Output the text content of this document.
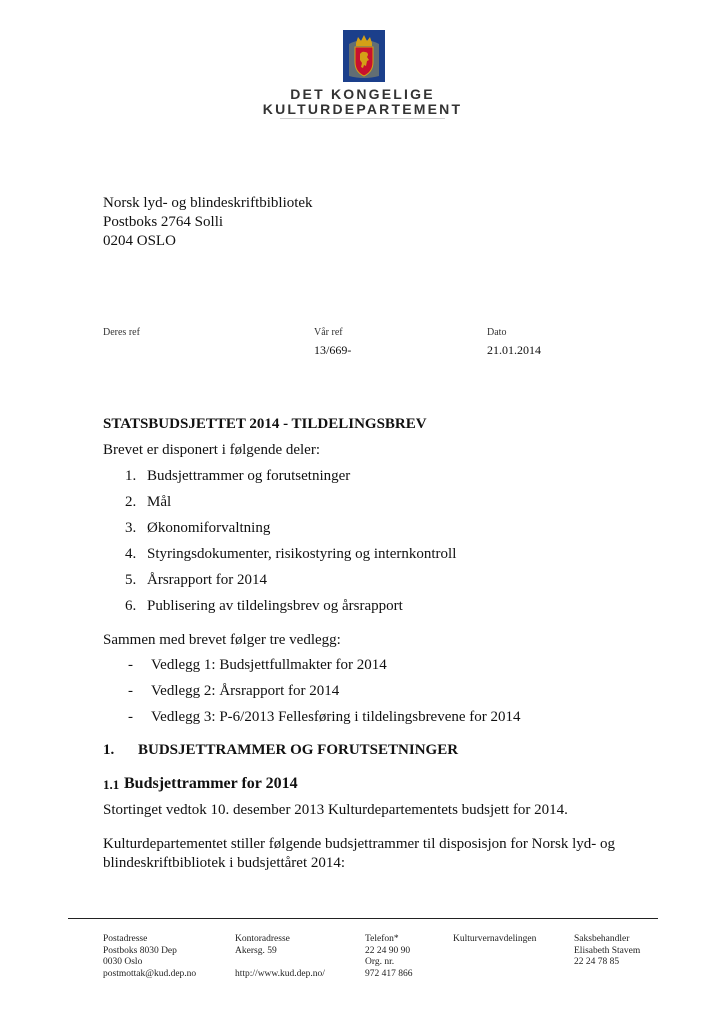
DET KONGELIGE
KULTURDEPARTEMENT
Norsk lyd- og blindeskriftbibliotek
Postboks 2764 Solli
0204 OSLO
Deres ref	Vår ref
13/669-
Dato
21.01.2014
STATSBUDSJETTET 2014 - TILDELINGSBREV
Brevet er disponert i følgende deler:
1. Budsjettrammer og forutsetninger
2. Mål
3. Økonomiforvaltning
4. Styringsdokumenter, risikostyring og internkontroll
5. Årsrapport for 2014
6. Publisering av tildelingsbrev og årsrapport
Sammen med brevet følger tre vedlegg:
- Vedlegg 1: Budsjettfullmakter for 2014
- Vedlegg 2: Årsrapport for 2014
- Vedlegg 3: P-6/2013 Fellesføring i tildelingsbrevene for 2014
1. BUDSJETTRAMMER OG FORUTSETNINGER
1.1 Budsjettrammer for 2014
Stortinget vedtok 10. desember 2013 Kulturdepartementets budsjett for 2014.
Kulturdepartementet stiller følgende budsjettrammer til disposisjon for Norsk lyd- og
blindeskriftbibliotek i budsjettåret 2014:
Postadresse
Postboks 8030 Dep
0030 Oslo
postmottak@kud.dep.no
Kontoradresse
Akersg. 59
http://www.kud.dep.no/
Telefon*
22 24 90 90
Org. nr.
972 417 866
Kulturvernavdelingen	Saksbehandler
Elisabeth Stavem
22 24 78 85
